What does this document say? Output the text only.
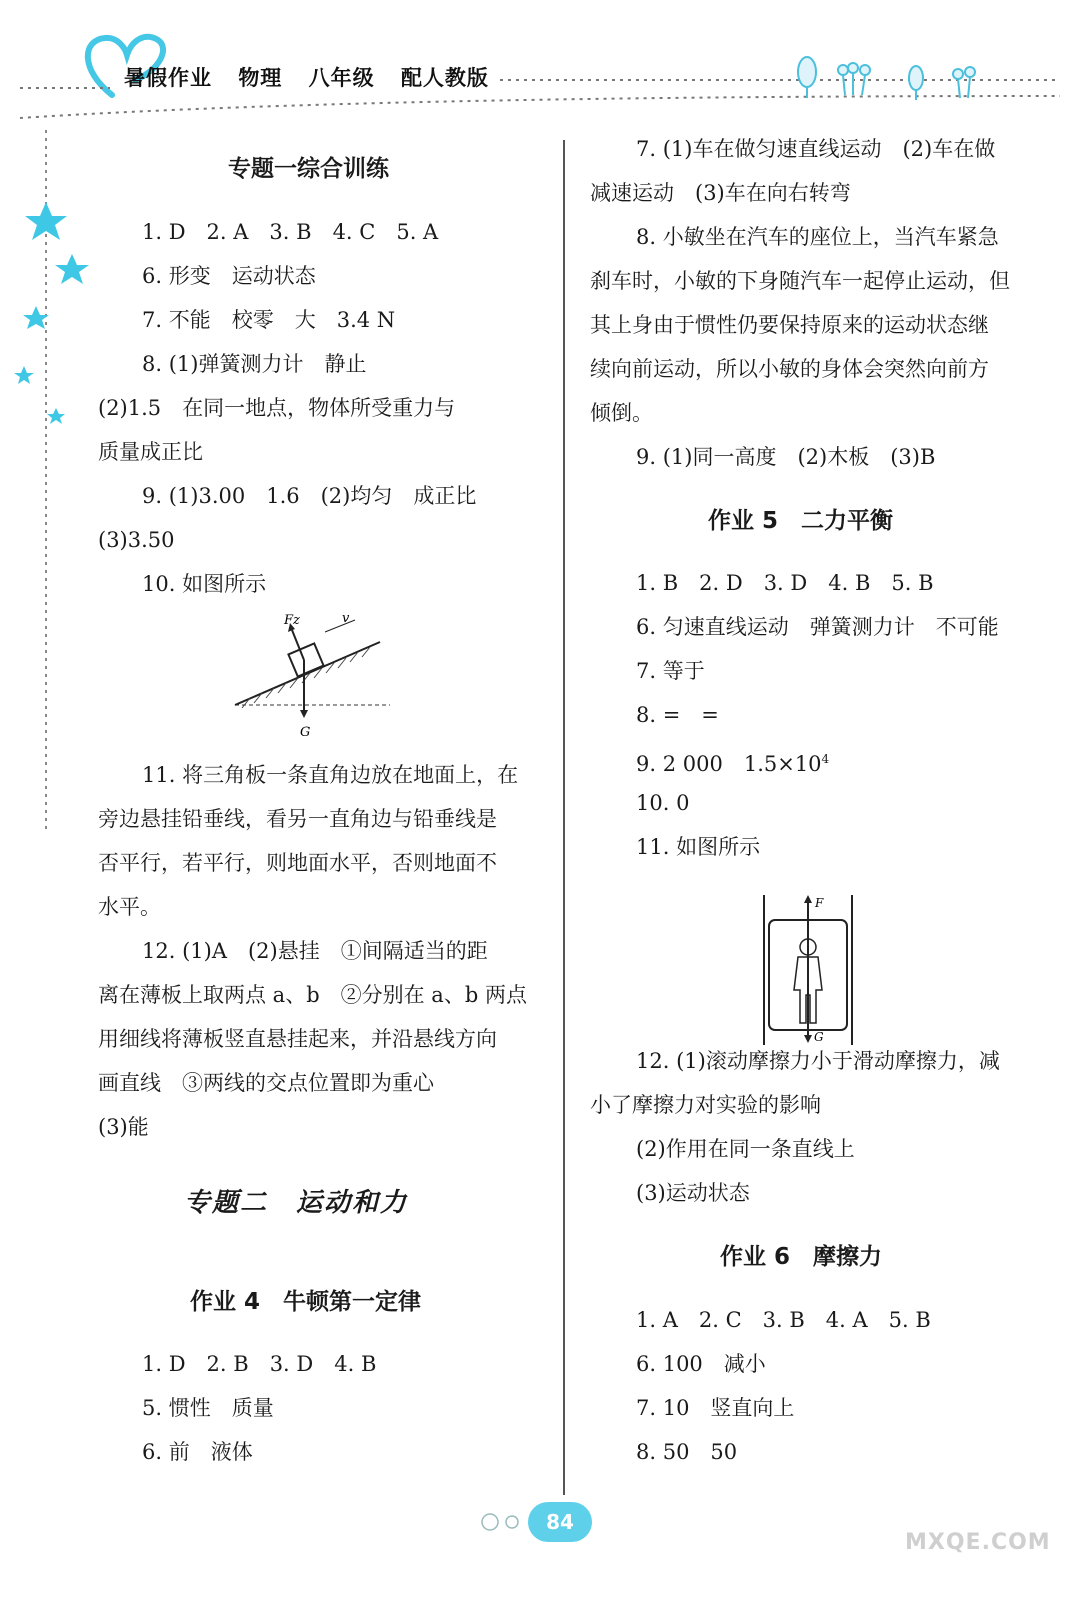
暑假作业 物理 八年级 配人教版
专题一综合训练
1. D　2. A　3. B　4. C　5. A
6. 形变　运动状态
7. 不能　校零　大　3.4 N
8. (1)弹簧测力计　静止
(2)1.5　在同一地点，物体所受重力与
质量成正比
9. (1)3.00　1.6　(2)均匀　成正比
(3)3.50
10. 如图所示
Fz	v
G
11. 将三角板一条直角边放在地面上，在
旁边悬挂铅垂线，看另一直角边与铅垂线是
否平行，若平行，则地面水平，否则地面不
水平。
12. (1)A　(2)悬挂　①间隔适当的距
离在薄板上取两点 a、b　②分别在 a、b 两点
用细线将薄板竖直悬挂起来，并沿悬线方向
画直线　③两线的交点位置即为重心
(3)能
专题二　运动和力
作业 4　牛顿第一定律
1. D　2. B　3. D　4. B
5. 惯性　质量
6. 前　液体
7. (1)车在做匀速直线运动　(2)车在做
减速运动　(3)车在向右转弯
8. 小敏坐在汽车的座位上，当汽车紧急
刹车时，小敏的下身随汽车一起停止运动，但
其上身由于惯性仍要保持原来的运动状态继
续向前运动，所以小敏的身体会突然向前方
倾倒。
9. (1)同一高度　(2)木板　(3)B
作业 5　二力平衡
1. B　2. D　3. D　4. B　5. B
6. 匀速直线运动　弹簧测力计　不可能
7. 等于
8. =　=
9. 2 000　$1.5\times 10^4$
10. 0
11. 如图所示
F
G
12. (1)滚动摩擦力小于滑动摩擦力，减
小了摩擦力对实验的影响
(2)作用在同一条直线上
(3)运动状态
作业 6　摩擦力
1. A　2. C　3. B　4. A　5. B
6. 100　减小
7. 10　竖直向上
8. 50　50
84
MXQE.COM
